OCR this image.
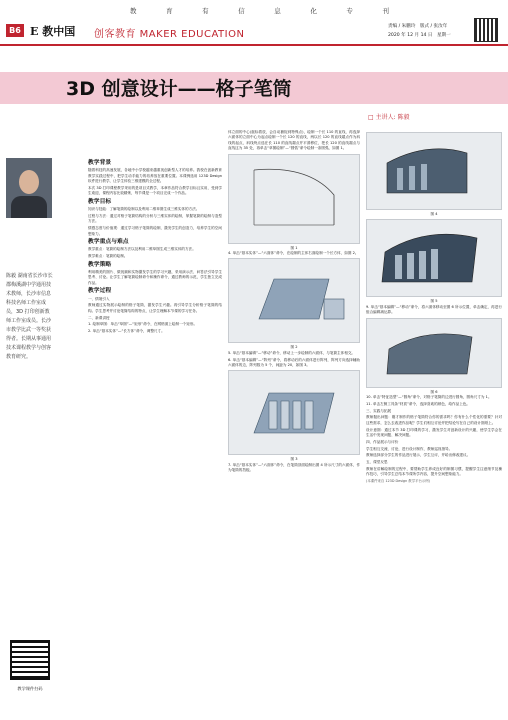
教	育	有	信	息	化	专	刊
B6 E 教中国 创客教育 MAKER EDUCATION
责编 / 朱鹏玲 版式 / 张汝年
2020 年 12 月 14 日 星期一
3D 创意设计——格子笔筒
□ 主讲人: 陈毅
陈毅 湖南省长沙市长郡梅溪湖中学通用技术教师，长沙市信息科技名师工作室成员，3D 打印创新教师工作室成员。长沙市教学比武一等奖获得者。长期从事通用技术课程教学与创客教育研究。
教学课件扫码
教学背景

随着科技的高速发展，各地中小学校越来越重视创新型人才的培养。我校在创新教育教学实践过程中，把学生动手能力的培养放在重要位置。本课例选用 123D Design 软件进行教学，让学生体验三维建模的全过程。

本次 3D 打印课程教学采用的是项目式教学，本章作品符合教学目标且实用，受到学生欢迎，课程内容比较精炼，每节课是一个项目完成一个作品。

教学目标

知识与技能：了解笔筒的绘制以及利用二维草图生成三维实体的方法。

过程与方法：通过对格子笔筒结构的分析与三维实体的绘制，掌握笔筒的绘制与造型方法。

情感态度与价值观：通过学习格子笔筒的绘制，激发学生的创造力，培养学生的空间想象力。

教学重点与难点

教学重点：笔筒的绘制方法以及利用二维草图生成三维实体的方法。

教学难点：笔筒的绘制。

教学策略

利用精美的图片、微视频和实物激发学生的学习兴趣，采用演示法、问答法引导学生思考、讨论。让学生了解笔筒绘制命令和操作命令，通过教师的示范，学生独立完成作品。

教学过程

一、情境引入

教师通过实物展示绘制的格子笔筒，激发学生兴趣。再引导学生分析格子笔筒的结构。学生思考并讨论笔筒结构的特点，让学生理解本节课的学习任务。

二、新课讲授

1. 绘制草图：单击“草图”—“矩形”命令，在网格面上绘制一个矩形。

2. 单击“基本实体”—“长方体”命令，调整尺寸。

体立面的中心(鼠标着放，会自动捕捉到特殊点)，绘制一个长 110 的直线，再选择六面体的立面中心为起点绘制一个长 120 的直线，两以长 120 的直线端点作为斜线的起点，斜线终点选在长 110 的直线端点并平滑移位，把长 120 的直线端点与直线这为 35 处，再单击“草图绘制”—“圆弧”命令绘制一条圆弧，如图 1。

图 1

4. 单击“基本实体”—“六面体”命令，在绘制的主体右面绘制一个长方体，如图 2。

图 2

5. 单击“基本编辑”—“移动”命令，移动上一步绘制的六面体，与笔筒主体相交。

6. 单击“基本编辑”—“阵列”命令，将移动后的六面体进行阵列，阵列方向选择辅助六面体的边，阵列数为 5 个，间距为 20，如图 3。

图 3

7. 单击“基本实体”—“六面体”命令，在笔筒顶面绘制出图 4 所示尺寸的六面体，作为笔筒的挡板。

图 4
图 5

9. 单击“基本编辑”—“移动”命令，将六面体移动至图 6 所示位置，单击确定，再进行组合编辑减运算。

图 6

10. 单击“特征造型”—“圆角”命令，对格子笔筒的边进行圆角，圆角尺寸为 1。

11. 单击左侧工具条“材质”命令，选择喜欢的颜色，给作品上色。

三、实践与拓展

教师抛出问题：刚才制作的格子笔筒符合你的需求吗？你有什么个性化的需要？针对这些需求，怎么去改进作品呢？学生们相互讨论并把结论写在自己的设计图纸上。

设计意图：通过本节 3D 打印课的学习，激发学生对创新设计的兴趣，使学生学会在生活中发现问题、解决问题。

四、作品展示与评价

学生相互交流、讨论，进行设计制作，教师巡视指导。

教师选择部分学生的作品进行展示，学生互评，并给出修改建议。

五、课堂反思

教师在讲解绘制的过程中，要帮助学生养成良好的制图习惯，提醒学生注意细节及操作技巧，引导学生总结本节课所学内容，提升空间想象能力。

(本课件来自 123D Design 教学平台示例)
